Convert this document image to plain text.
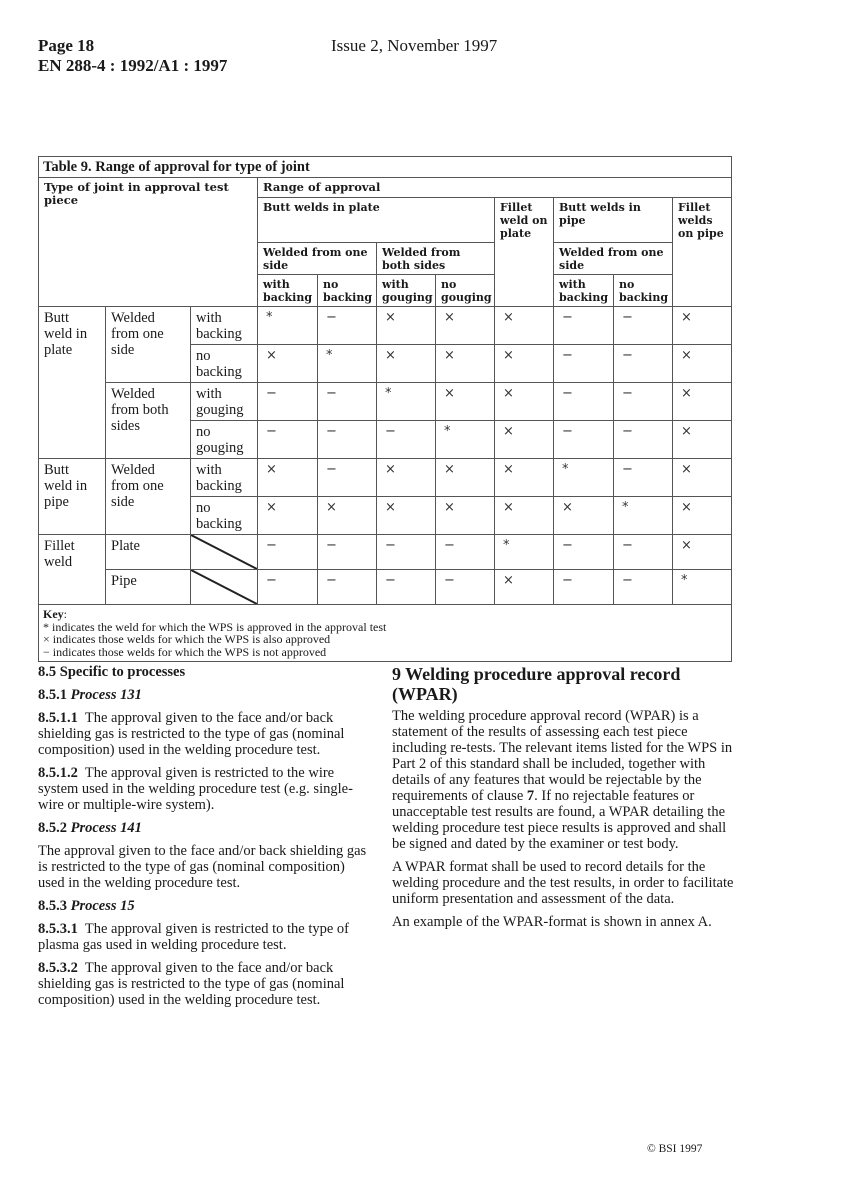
Page 18
EN 288-4 : 1992/A1 : 1997
Issue 2, November 1997
Table 9. Range of approval for type of joint										
Type of joint in approval test piece			Range of approval							
			Butt welds in plate				Fillet weld on plate	Butt welds in pipe		Fillet welds on pipe
			Welded from one side		Welded from both sides			Welded from one side		
			with backing	no backing	with gouging	no gouging		with backing	no backing	

Butt weld in plate	Welded from one side	with backing	*	−	×	×	×	−	−	×
		no backing	×	*	×	×	×	−	−	×
	Welded from both sides	with gouging	−	−	*	×	×	−	−	×
		no gouging	−	−	−	*	×	−	−	×
Butt weld in pipe	Welded from one side	with backing	×	−	×	×	×	*	−	×
		no backing	×	×	×	×	×	×	*	×
Fillet weld	Plate		−	−	−	−	*	−	−	×
	Pipe		−	−	−	−	×	−	−	*

Key:
* indicates the weld for which the WPS is approved in the approval test
× indicates those welds for which the WPS is also approved
− indicates those welds for which the WPS is not approved										
8.5 Specific to processes
8.5.1 Process 131

8.5.1.1 The approval given to the face and/or back shielding gas is restricted to the type of gas (nominal composition) used in the welding procedure test.

8.5.1.2 The approval given is restricted to the wire system used in the welding procedure test (e.g. single-wire or multiple-wire system).

8.5.2 Process 141

The approval given to the face and/or back shielding gas is restricted to the type of gas (nominal composition) used in the welding procedure test.

8.5.3 Process 15

8.5.3.1 The approval given is restricted to the type of plasma gas used in welding procedure test.

8.5.3.2 The approval given to the face and/or back shielding gas is restricted to the type of gas (nominal composition) used in the welding procedure test.

9 Welding procedure approval record (WPAR)

The welding procedure approval record (WPAR) is a statement of the results of assessing each test piece including re-tests. The relevant items listed for the WPS in Part 2 of this standard shall be included, together with details of any features that would be rejectable by the requirements of clause 7. If no rejectable features or unacceptable test results are found, a WPAR detailing the welding procedure test piece results is approved and shall be signed and dated by the examiner or test body.

A WPAR format shall be used to record details for the welding procedure and the test results, in order to facilitate uniform presentation and assessment of the data.

An example of the WPAR-format is shown in annex A.

© BSI 1997
